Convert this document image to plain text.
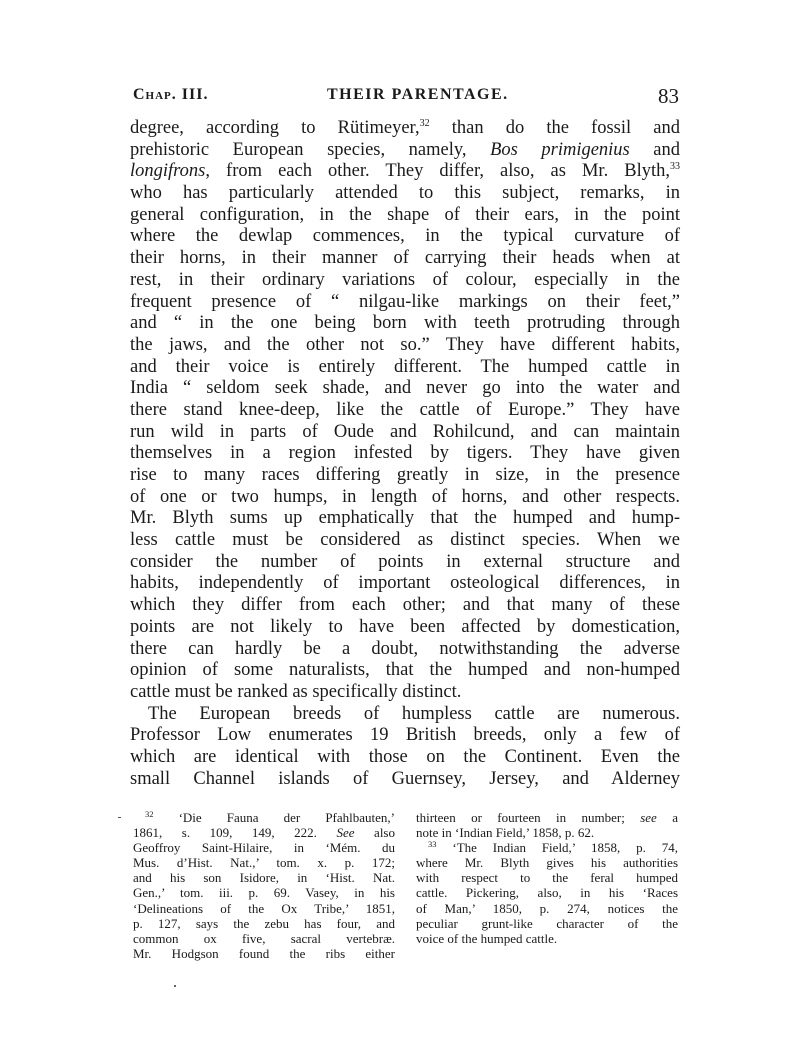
Chap. III.	THEIR PARENTAGE.	83

degree, according to Rütimeyer,$^{32}$ than do the fossil and

prehistoric European species, namely, Bos primigenius and

longifrons, from each other. They differ, also, as Mr. Blyth,$^{33}$

who has particularly attended to this subject, remarks, in

general configuration, in the shape of their ears, in the point

where the dewlap commences, in the typical curvature of

their horns, in their manner of carrying their heads when at

rest, in their ordinary variations of colour, especially in the

frequent presence of “ nilgau-like markings on their feet,”

and “ in the one being born with teeth protruding through

the jaws, and the other not so.” They have different habits,

and their voice is entirely different. The humped cattle in

India “ seldom seek shade, and never go into the water and

there stand knee-deep, like the cattle of Europe.” They have

run wild in parts of Oude and Rohilcund, and can maintain

themselves in a region infested by tigers. They have given

rise to many races differing greatly in size, in the presence

of one or two humps, in length of horns, and other respects.

Mr. Blyth sums up emphatically that the humped and hump-

less cattle must be considered as distinct species. When we

consider the number of points in external structure and

habits, independently of important osteological differences, in

which they differ from each other; and that many of these

points are not likely to have been affected by domestication,

there can hardly be a doubt, notwithstanding the adverse

opinion of some naturalists, that the humped and non-humped

cattle must be ranked as specifically distinct.

The European breeds of humpless cattle are numerous.

Professor Low enumerates 19 British breeds, only a few of

which are identical with those on the Continent. Even the

small Channel islands of Guernsey, Jersey, and Alderney

$^{32}$ ‘Die Fauna der Pfahlbauten,’
1861, s. 109, 149, 222. See also
Geoffroy Saint-Hilaire, in ‘Mém. du
Mus. d’Hist. Nat.,’ tom. x. p. 172;
and his son Isidore, in ‘Hist. Nat.
Gen.,’ tom. iii. p. 69. Vasey, in his
‘Delineations of the Ox Tribe,’ 1851,
p. 127, says the zebu has four, and
common ox five, sacral vertebræ.
Mr. Hodgson found the ribs either
thirteen or fourteen in number; see a
note in ‘Indian Field,’ 1858, p. 62.
$^{33}$ ‘The Indian Field,’ 1858, p. 74,
where Mr. Blyth gives his authorities
with respect to the feral humped
cattle. Pickering, also, in his ‘Races
of Man,’ 1850, p. 274, notices the
peculiar grunt-like character of the
voice of the humped cattle.
